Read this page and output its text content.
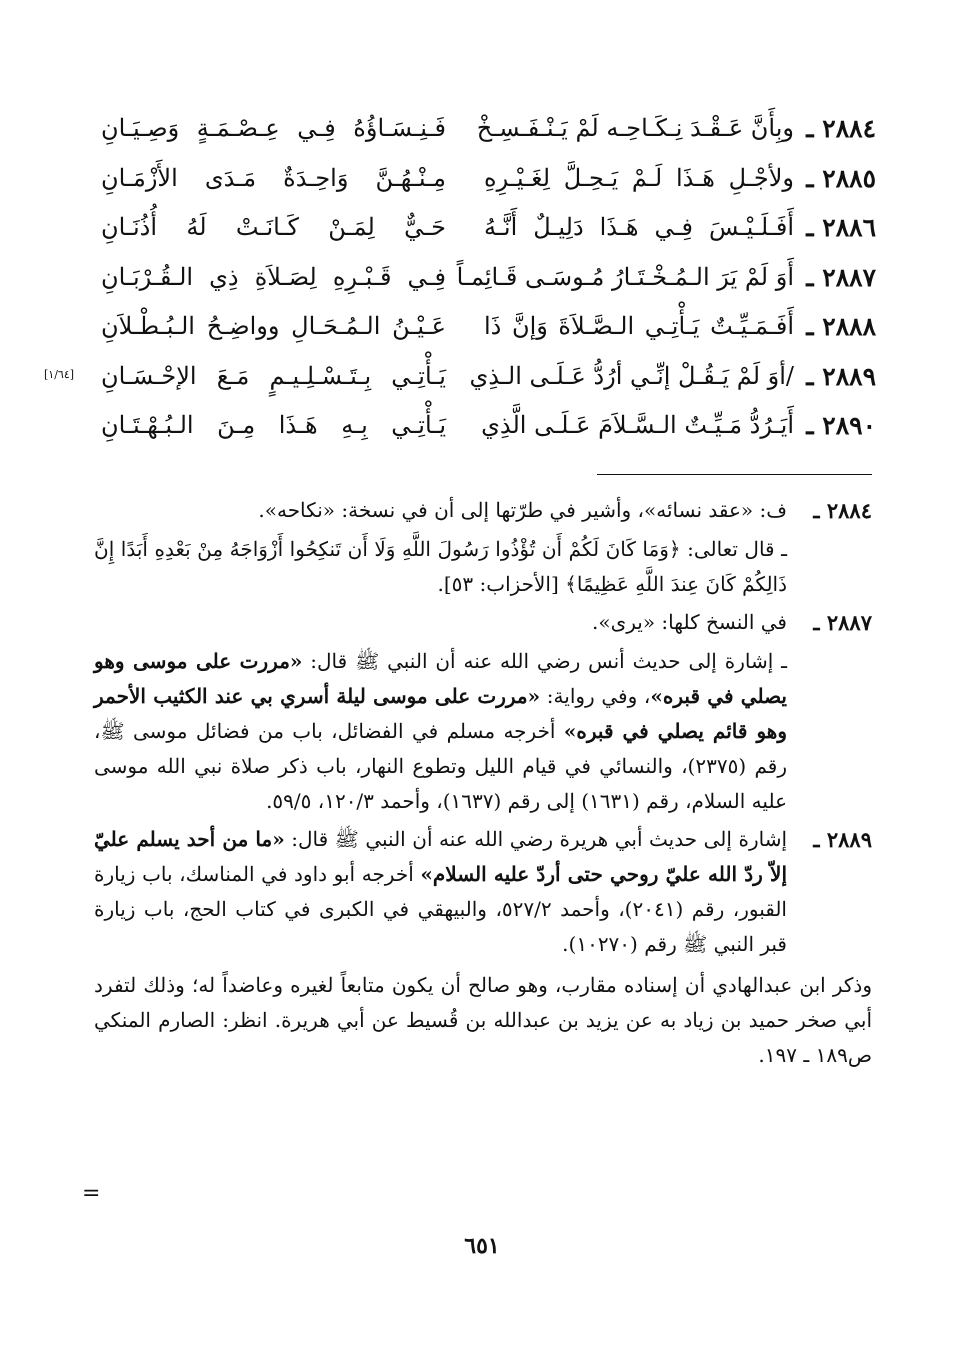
٢٨٨٤ ـ
وبِأَنَّ عَـقْـدَ نِـكَـاحِـه لَمْ يَـنْـفَـسِـخْ
فَـنِـسَـاؤُهُ فِـي عِـصْـمَـةٍ وَصِـيَـانِ
٢٨٨٥ ـ
ولأجْـلِ هَـذَا لَـمْ يَـحِـلَّ لِغَـيْـرِهِ
مِـنْـهُـنَّ وَاحِـدَةٌ مَـدَى الأَزْمَـانِ
٢٨٨٦ ـ
أَفَـلَـيْـسَ فِـي هَـذَا دَلِيـلٌ أَنَّـهُ
حَـيٌّ لِمَـنْ كَـانَـتْ لَهُ أُذُنَـانِ
٢٨٨٧ ـ
أَوَ لَمْ يَرَ الـمُـخْـتَـارُ مُـوسَـى قَـائِمـاً
فِـي قَـبْـرِهِ لِصَـلاَةِ ذِي الـقُـرْبَـانِ
٢٨٨٨ ـ
أَفَـمَـيِّـتٌ يَـأْتِـي الـصَّـلاَةَ وَإنَّ ذَا
عَـيْـنُ الـمُـحَـالِ وواضِـحُ الـبُـطْـلاَنِ
٢٨٨٩ ـ
/أوَ لَمْ يَـقُـلْ إنِّـي أرُدُّ عَـلَـى الـذِي
يَـأْتِـي بِـتَـسْـلِـيـمٍ مَـعَ الإحْـسَـانِ
[١/٦٤]
٢٨٩٠ ـ
أَيَـرُدُّ مَـيِّـتٌ الـسَّـلاَمَ عَـلَـى الَّذِي
يَـأْتِـي بِـهِ هَـذَا مِـنَ الـبُـهْـتَـانِ
٢٨٨٤ ـ

ف: «عقد نسائه»، وأشير في طرّتها إلى أن في نسخة: «نكاحه».

ـ قال تعالى: ﴿وَمَا كَانَ لَكُمْ أَن تُؤْذُوا رَسُولَ اللَّهِ وَلَا أَن تَنكِحُوا أَزْوَاجَهُ مِنْ بَعْدِهِ أَبَدًا إِنَّ ذَالِكُمْ كَانَ عِندَ اللَّهِ عَظِيمًا﴾ [الأحزاب: ٥٣].

٢٨٨٧ ـ

في النسخ كلها: «يرى».

ـ إشارة إلى حديث أنس رضي الله عنه أن النبي ﷺ قال: «مررت على موسى وهو يصلي في قبره»، وفي رواية: «مررت على موسى ليلة أسري بي عند الكثيب الأحمر وهو قائم يصلي في قبره» أخرجه مسلم في الفضائل، باب من فضائل موسى ﷺ، رقم (٢٣٧٥)، والنسائي في قيام الليل وتطوع النهار، باب ذكر صلاة نبي الله موسى عليه السلام، رقم (١٦٣١) إلى رقم (١٦٣٧)، وأحمد ١٢٠/٣، ٥٩/٥.

٢٨٨٩ ـ

إشارة إلى حديث أبي هريرة رضي الله عنه أن النبي ﷺ قال: «ما من أحد يسلم عليّ إلاّ ردّ الله عليّ روحي حتى أردّ عليه السلام» أخرجه أبو داود في المناسك، باب زيارة القبور، رقم (٢٠٤١)، وأحمد ٥٢٧/٢، والبيهقي في الكبرى في كتاب الحج، باب زيارة قبر النبي ﷺ رقم (١٠٢٧٠).

وذكر ابن عبدالهادي أن إسناده مقارب، وهو صالح أن يكون متابعاً لغيره وعاضداً له؛ وذلك لتفرد أبي صخر حميد بن زياد به عن يزيد بن عبدالله بن قُسيط عن أبي هريرة. انظر: الصارم المنكي ص١٨٩ ـ ١٩٧.

=
٦٥١
